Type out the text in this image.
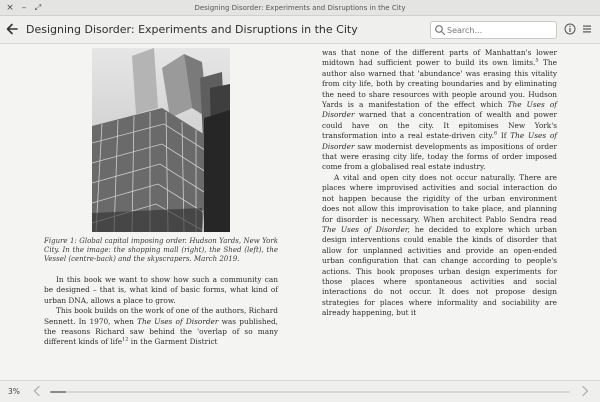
× –	⤢	Designing Disorder: Experiments and Disruptions in the City
Designing Disorder: Experiments and Disruptions in the City
Search...
Figure 1: Global capital imposing order. Hudson Yards, New York City. In the image: the shopping mall (right), the Shed (left), the Vessel (centre-back) and the skyscrapers. March 2019.

In this book we want to show how such a community can be designed – that is, what kind of basic forms, what kind of urban DNA, allows a place to grow.

This book builds on the work of one of the authors, Richard Sennett. In 1970, when The Uses of Disorder was published, the reasons Richard saw behind the 'overlap of so many different kinds of life$^{12}$ in the Garment District

was that none of the different parts of Manhattan's lower midtown had sufficient power to build its own limits.$^5$ The author also warned that 'abundance' was erasing this vitality from city life, both by creating boundaries and by eliminating the need to share resources with people around you. Hudson Yards is a manifestation of the effect which The Uses of Disorder warned that a concentration of wealth and power could have on the city. It epitomises New York's transformation into a real estate-driven city.$^6$ If The Uses of Disorder saw modernist developments as impositions of order that were erasing city life, today the forms of order imposed come from a globalised real estate industry.

A vital and open city does not occur naturally. There are places where improvised activities and social interaction do not happen because the rigidity of the urban environment does not allow this improvisation to take place, and planning for disorder is necessary. When architect Pablo Sendra read The Uses of Disorder, he decided to explore which urban design interventions could enable the kinds of disorder that allow for unplanned activities and provide an open-ended urban configuration that can change according to people's actions. This book proposes urban design experiments for those places where spontaneous activities and social interactions do not occur. It does not propose design strategies for places where informality and sociability are already happening, but it

3%
